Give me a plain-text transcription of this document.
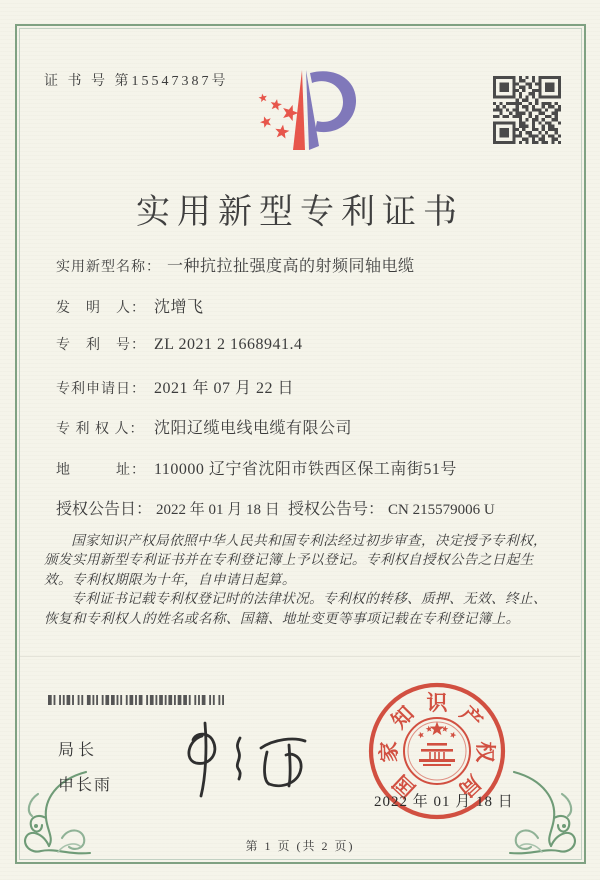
证 书 号 第15547387号
实用新型专利证书
实用新型名称： 一种抗拉扯强度高的射频同轴电缆
发　明　人： 沈增飞
专　利　号： ZL 2021 2 1668941.4
专利申请日： 2021 年 07 月 22 日
专 利 权 人： 沈阳辽缆电线电缆有限公司
地　　　址： 110000 辽宁省沈阳市铁西区保工南街51号
授权公告日： 2022 年 01 月 18 日 授权公告号： CN 215579006 U

国家知识产权局依照中华人民共和国专利法经过初步审查，决定授予专利权，颁发实用新型专利证书并在专利登记簿上予以登记。专利权自授权公告之日起生效。专利权期限为十年，自申请日起算。

专利证书记载专利权登记时的法律状况。专利权的转移、质押、无效、终止、恢复和专利权人的姓名或名称、国籍、地址变更等事项记载在专利登记簿上。

局长
申长雨	国
家
知 识 产
权
局
2022 年 01 月 18 日
第 1 页 (共 2 页)
